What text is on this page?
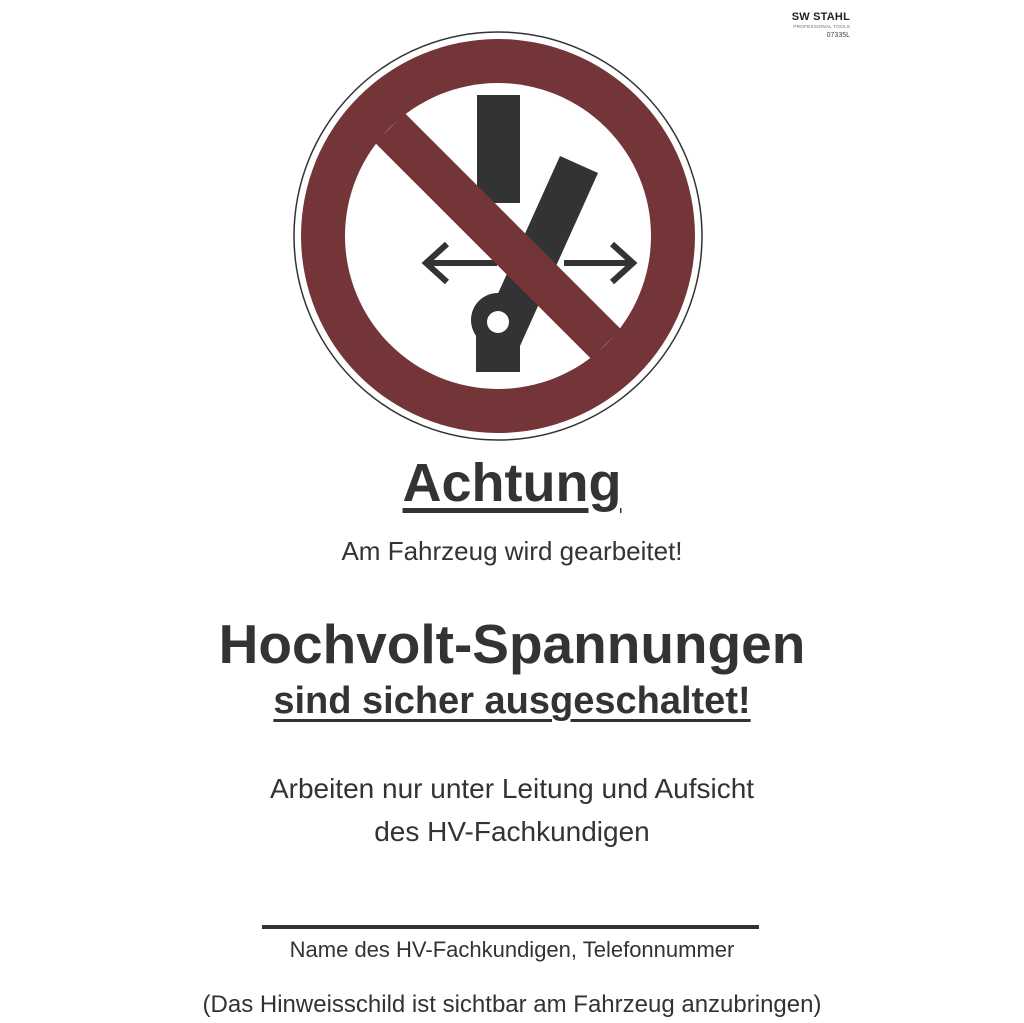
SW STAHL
PROFESSIONAL TOOLS
07335L
Achtung
Am Fahrzeug wird gearbeitet!
Hochvolt-Spannungen
sind sicher ausgeschaltet!
Arbeiten nur unter Leitung und Aufsicht
des HV-Fachkundigen
Name des HV-Fachkundigen, Telefonnummer
(Das Hinweisschild ist sichtbar am Fahrzeug anzubringen)
